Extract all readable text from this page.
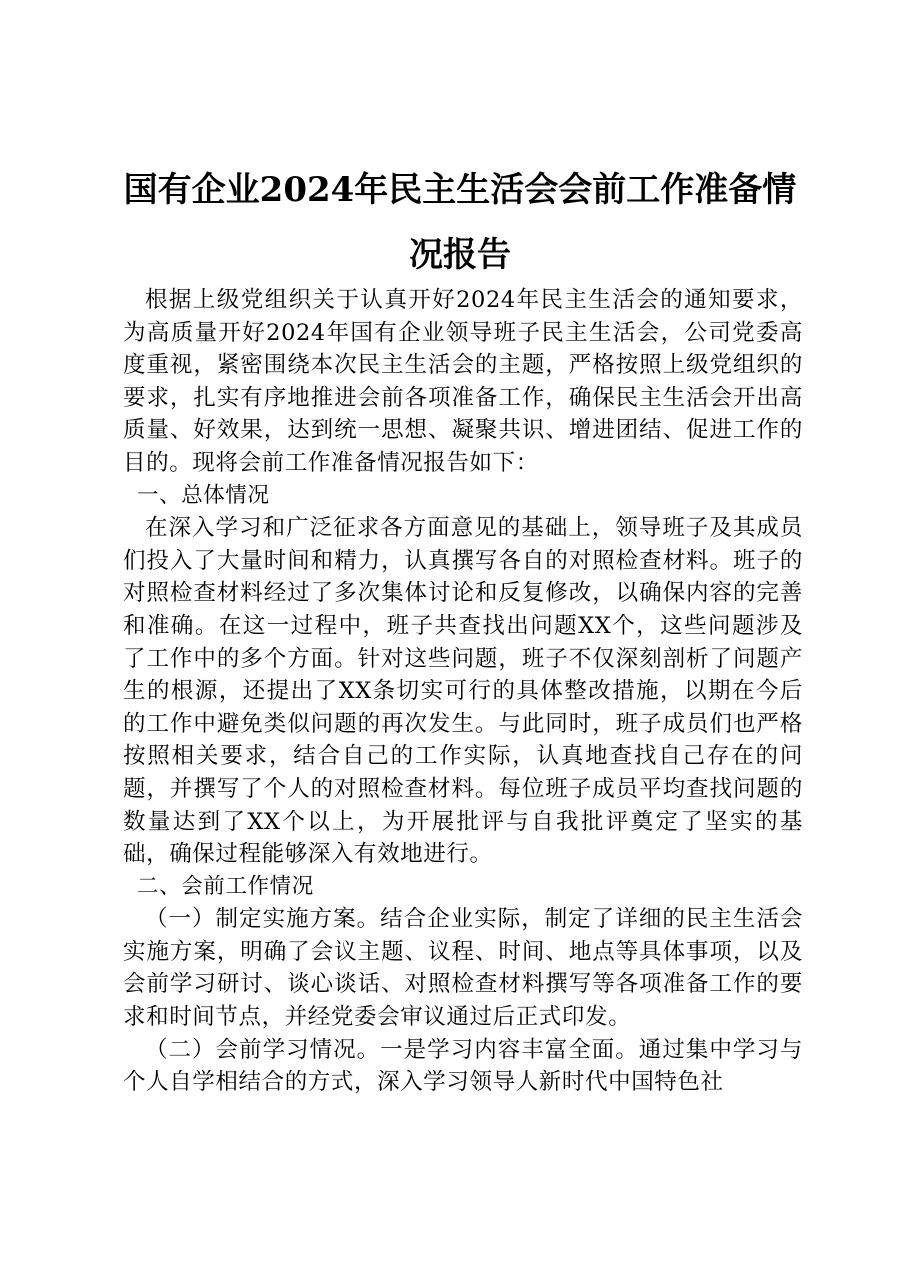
国有企业2024年民主生活会会前工作准备情
况报告

根据上级党组织关于认真开好2024年民主生活会的通知要求，为高质量开好2024年国有企业领导班子民主生活会，公司党委高度重视，紧密围绕本次民主生活会的主题，严格按照上级党组织的要求，扎实有序地推进会前各项准备工作，确保民主生活会开出高质量、好效果，达到统一思想、凝聚共识、增进团结、促进工作的目的。现将会前工作准备情况报告如下：

一、总体情况

在深入学习和广泛征求各方面意见的基础上，领导班子及其成员们投入了大量时间和精力，认真撰写各自的对照检查材料。班子的对照检查材料经过了多次集体讨论和反复修改，以确保内容的完善和准确。在这一过程中，班子共查找出问题XX个，这些问题涉及了工作中的多个方面。针对这些问题，班子不仅深刻剖析了问题产生的根源，还提出了XX条切实可行的具体整改措施，以期在今后的工作中避免类似问题的再次发生。与此同时，班子成员们也严格按照相关要求，结合自己的工作实际，认真地查找自己存在的问题，并撰写了个人的对照检查材料。每位班子成员平均查找问题的数量达到了XX个以上，为开展批评与自我批评奠定了坚实的基础，确保过程能够深入有效地进行。

二、会前工作情况

（一）制定实施方案。结合企业实际，制定了详细的民主生活会实施方案，明确了会议主题、议程、时间、地点等具体事项，以及会前学习研讨、谈心谈话、对照检查材料撰写等各项准备工作的要求和时间节点，并经党委会审议通过后正式印发。

（二）会前学习情况。一是学习内容丰富全面。通过集中学习与个人自学相结合的方式，深入学习领导人新时代中国特色社
